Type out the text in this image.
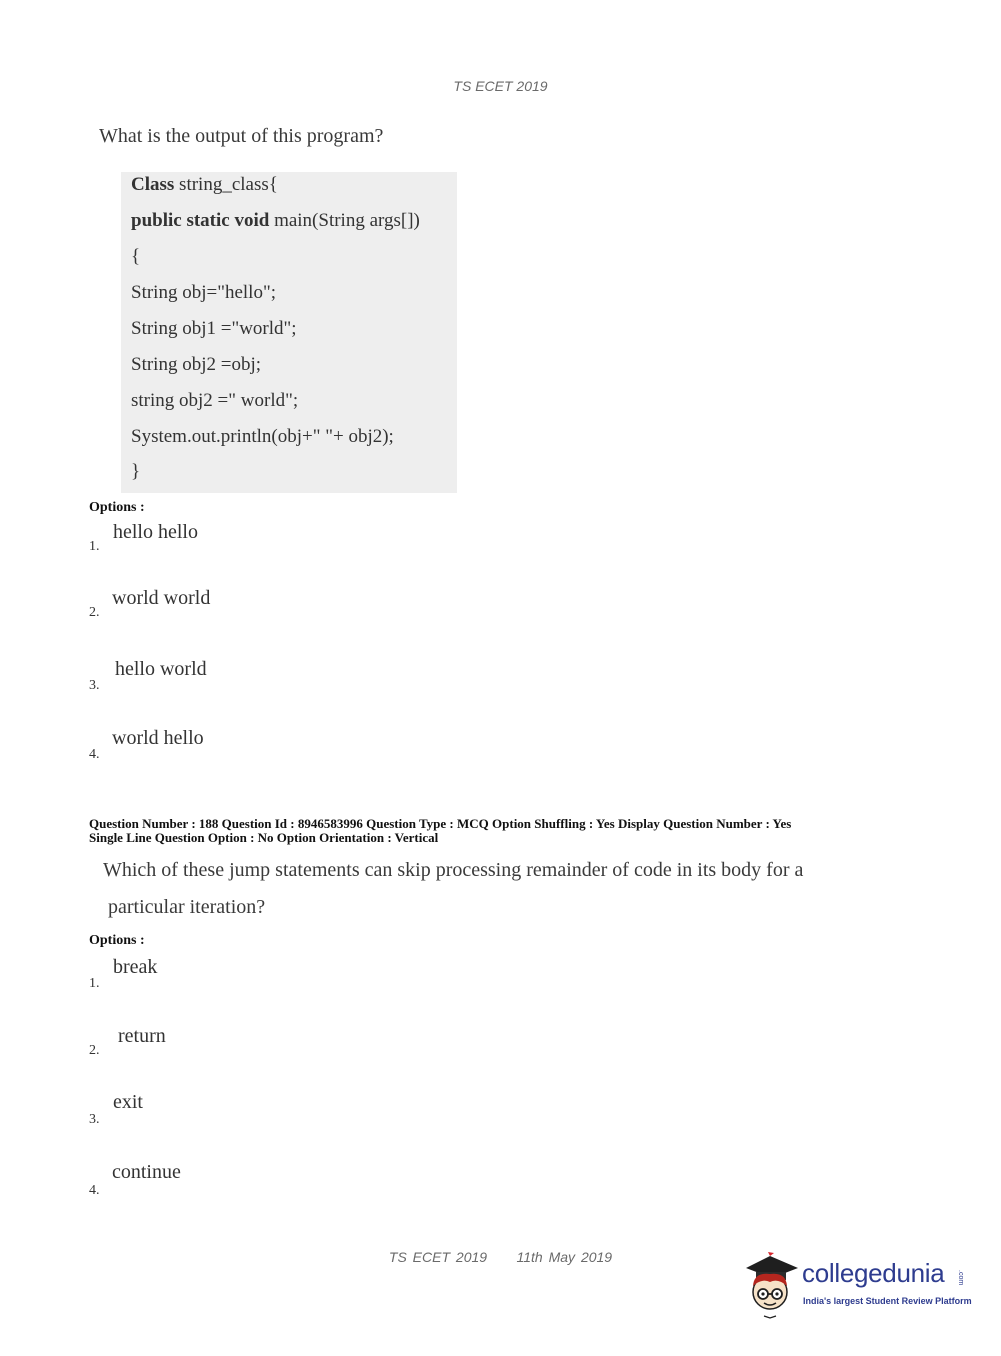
TS ECET 2019
What is the output of this program?
Class string_class{
public static void main(String args[])
{
String obj="hello";
String obj1 ="world";
String obj2 =obj;
string obj2 =" world";
System.out.println(obj+" "+ obj2);
}
Options :
hello hello
1.
world world
2.
hello world
3.
world hello
4.
Question Number : 188 Question Id : 8946583996 Question Type : MCQ Option Shuffling : Yes Display Question Number : Yes
Single Line Question Option : No Option Orientation : Vertical
Which of these jump statements can skip processing remainder of code in its body for a
particular iteration?
Options :
break
1.
return
2.
exit
3.
continue
4.
TS ECET 2019     11th May 2019
collegedunia .com
India's largest Student Review Platform
